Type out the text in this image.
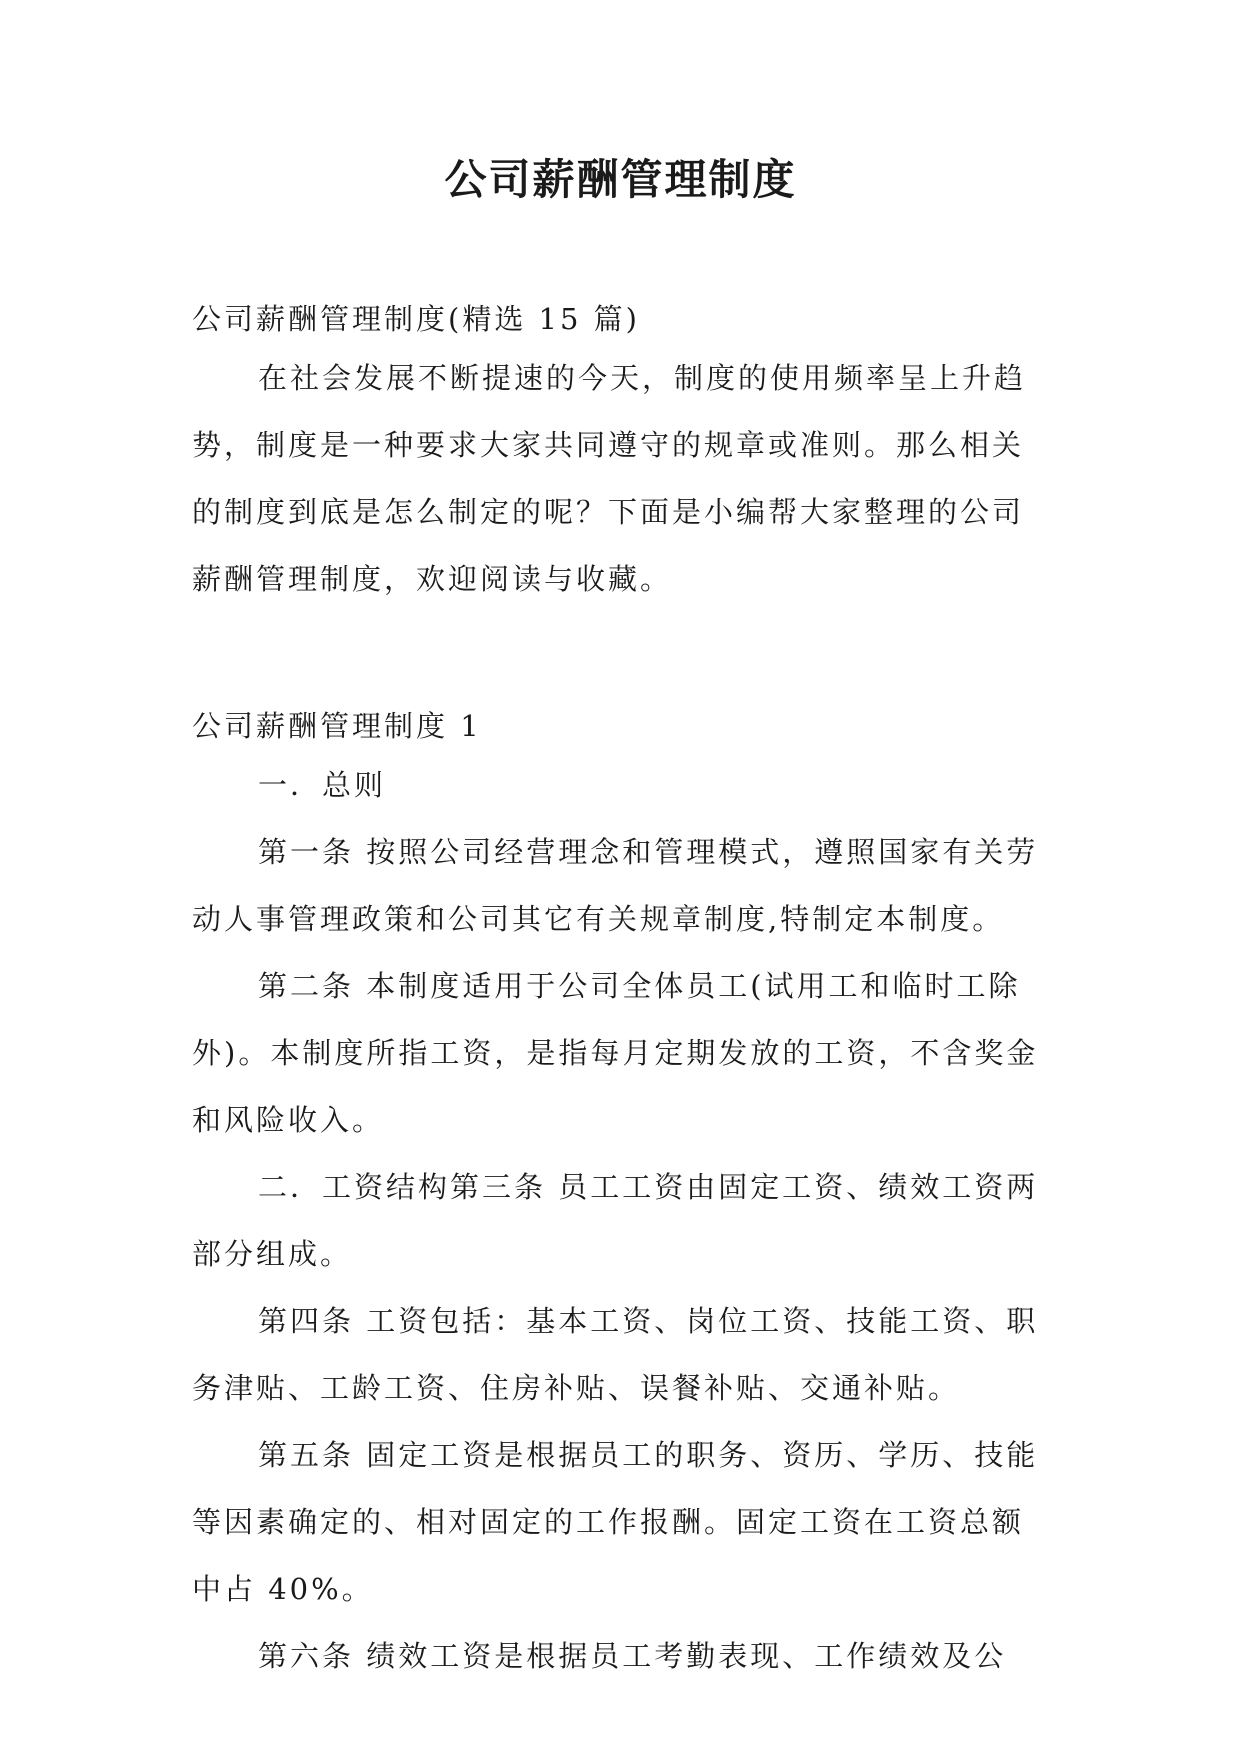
公司薪酬管理制度

公司薪酬管理制度(精选 15 篇)

在社会发展不断提速的今天，制度的使用频率呈上升趋势，制度是一种要求大家共同遵守的规章或准则。那么相关的制度到底是怎么制定的呢？下面是小编帮大家整理的公司薪酬管理制度，欢迎阅读与收藏。

公司薪酬管理制度 1

一．总则

第一条 按照公司经营理念和管理模式，遵照国家有关劳动人事管理政策和公司其它有关规章制度,特制定本制度。

第二条 本制度适用于公司全体员工(试用工和临时工除外)。本制度所指工资，是指每月定期发放的工资，不含奖金和风险收入。

二．工资结构第三条 员工工资由固定工资、绩效工资两部分组成。

第四条 工资包括：基本工资、岗位工资、技能工资、职务津贴、工龄工资、住房补贴、误餐补贴、交通补贴。

第五条 固定工资是根据员工的职务、资历、学历、技能等因素确定的、相对固定的工作报酬。固定工资在工资总额中占 40%。

第六条 绩效工资是根据员工考勤表现、工作绩效及公
